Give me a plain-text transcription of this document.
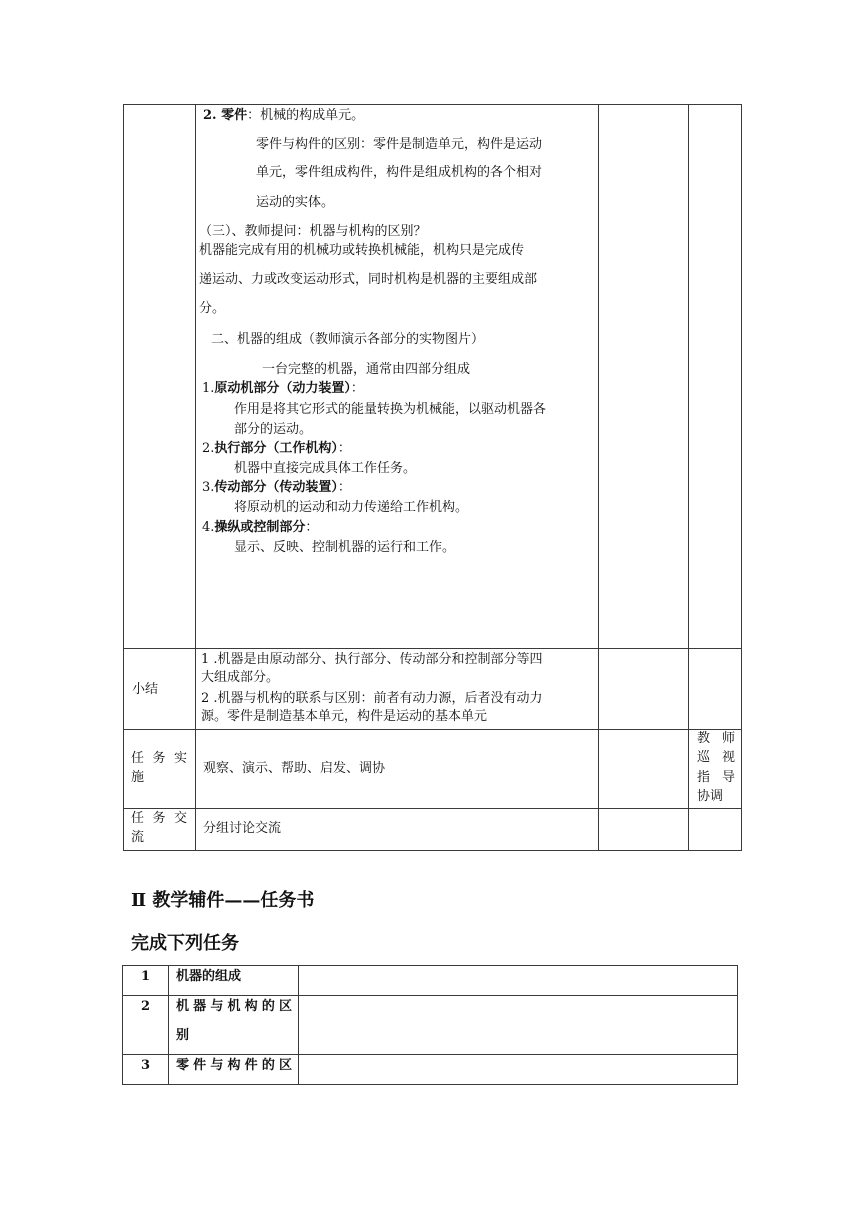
2. 零件：机械的构成单元。
零件与构件的区别：零件是制造单元，构件是运动
单元，零件组成构件，构件是组成机构的各个相对
运动的实体。
（三）、教师提问：机器与机构的区别？
机器能完成有用的机械功或转换机械能，机构只是完成传
递运动、力或改变运动形式，同时机构是机器的主要组成部
分。
二、机器的组成（教师演示各部分的实物图片）
一台完整的机器，通常由四部分组成
1.原动机部分（动力装置）：
作用是将其它形式的能量转换为机械能，以驱动机器各
部分的运动。
2.执行部分（工作机构）：
机器中直接完成具体工作任务。
3.传动部分（传动装置）：
将原动机的运动和动力传递给工作机构。
4.操纵或控制部分：
显示、反映、控制机器的运行和工作。
小结
1 .机器是由原动部分、执行部分、传动部分和控制部分等四
大组成部分。
2 .机器与机构的联系与区别：前者有动力源，后者没有动力
源。零件是制造基本单元，构件是运动的基本单元
任 务 实
施
观察、演示、帮助、启发、调协
教 师
巡 视
指 导
协调
任 务 交
流
分组讨论交流
Ⅱ 教学辅件——任务书
完成下列任务
1 机器的组成
2 机器与机构的区
别
3 零件与构件的区
